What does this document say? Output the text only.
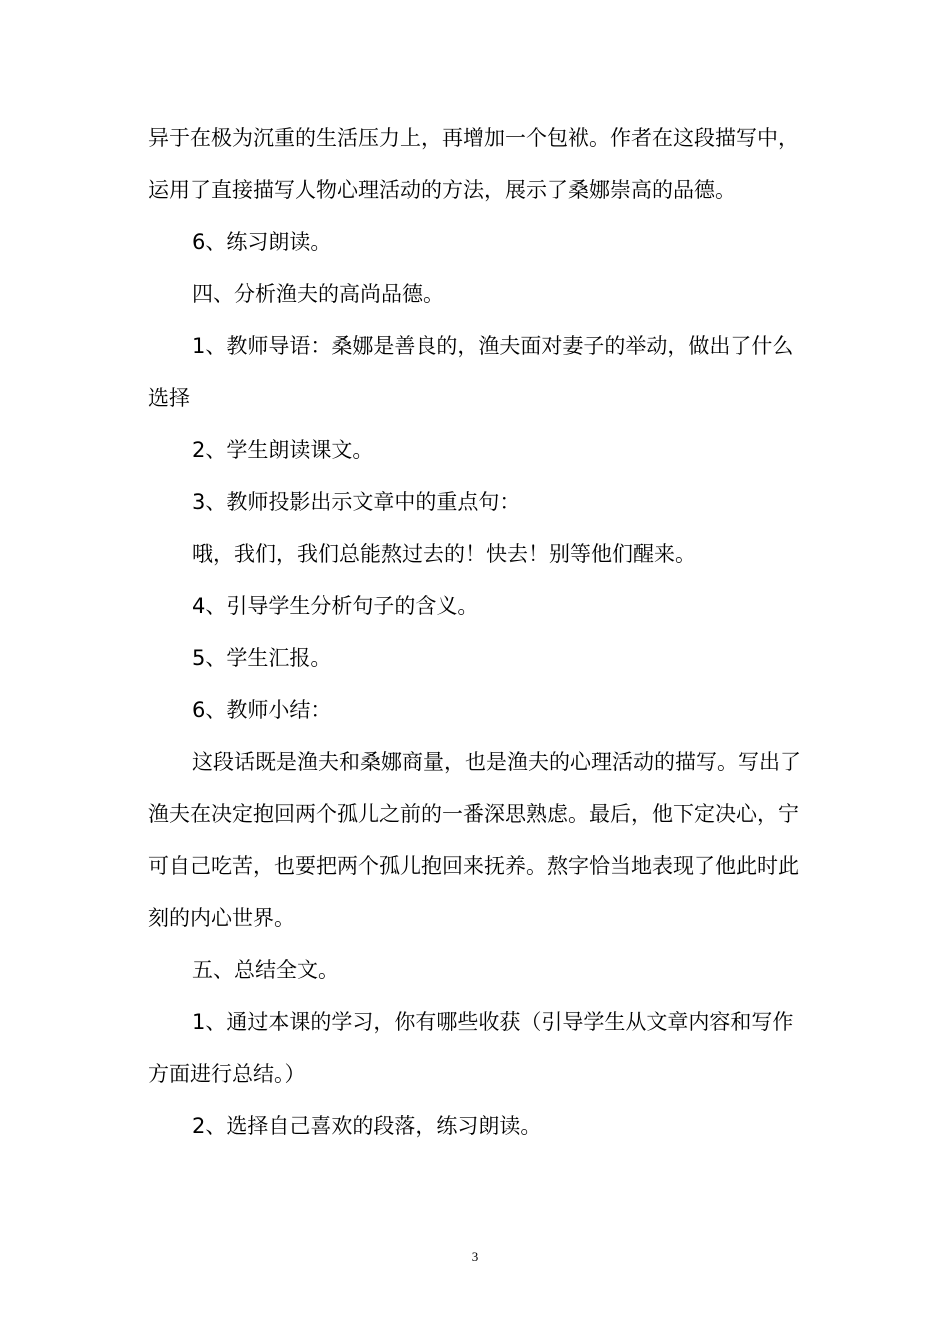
异于在极为沉重的生活压力上，再增加一个包袱。作者在这段描写中，运用了直接描写人物心理活动的方法，展示了桑娜崇高的品德。

6、练习朗读。

四、分析渔夫的高尚品德。

1、教师导语：桑娜是善良的，渔夫面对妻子的举动，做出了什么选择

2、学生朗读课文。

3、教师投影出示文章中的重点句：

哦，我们，我们总能熬过去的！快去！别等他们醒来。

4、引导学生分析句子的含义。

5、学生汇报。

6、教师小结：

这段话既是渔夫和桑娜商量，也是渔夫的心理活动的描写。写出了渔夫在决定抱回两个孤儿之前的一番深思熟虑。最后，他下定决心，宁可自己吃苦，也要把两个孤儿抱回来抚养。熬字恰当地表现了他此时此刻的内心世界。

五、总结全文。

1、通过本课的学习，你有哪些收获（引导学生从文章内容和写作方面进行总结。）

2、选择自己喜欢的段落，练习朗读。

3
